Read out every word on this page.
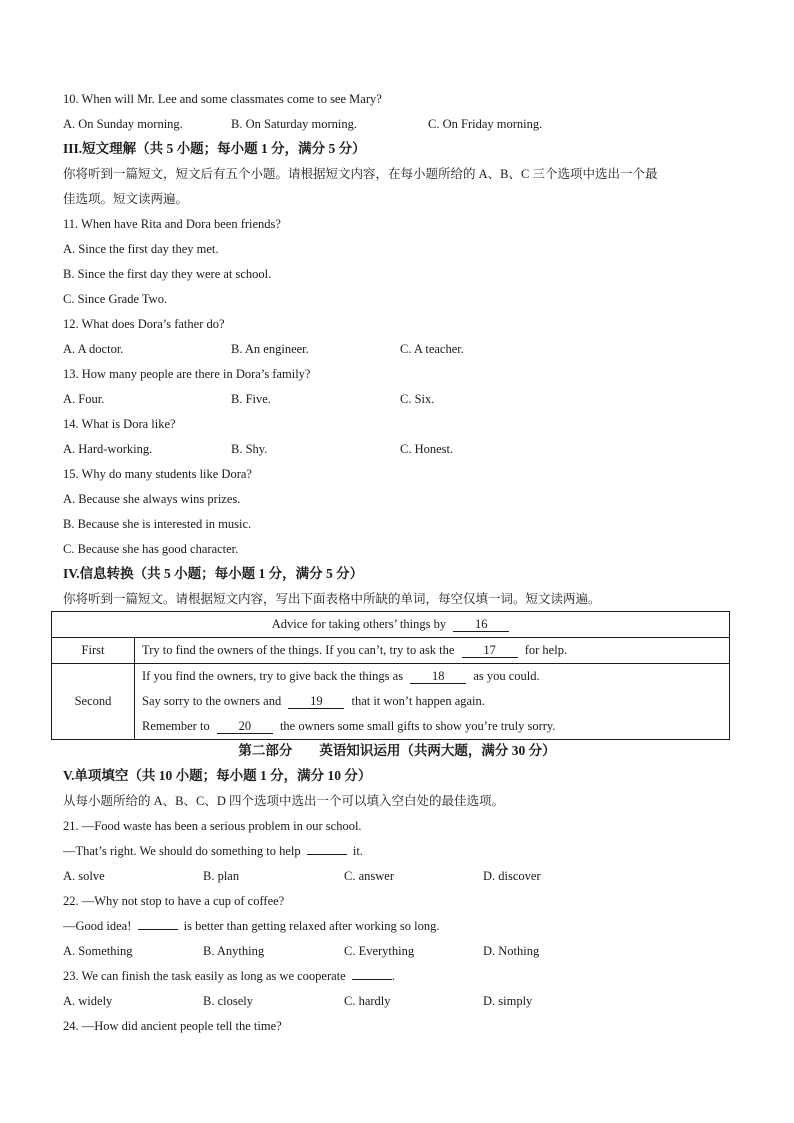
10. When will Mr. Lee and some classmates come to see Mary?
A. On Sunday morning.	B. On Saturday morning.	C. On Friday morning.
III.短文理解（共 5 小题；每小题 1 分，满分 5 分）
你将听到一篇短文，短文后有五个小题。请根据短文内容，在每小题所给的 A、B、C 三个选项中选出一个最
佳选项。短文读两遍。
11. When have Rita and Dora been friends?
A. Since the first day they met.
B. Since the first day they were at school.
C. Since Grade Two.
12. What does Dora’s father do?
A. A doctor.	B. An engineer.	C. A teacher.
13. How many people are there in Dora’s family?
A. Four.	B. Five.	C. Six.
14. What is Dora like?
A. Hard-working.	B. Shy.	C. Honest.
15. Why do many students like Dora?
A. Because she always wins prizes.
B. Because she is interested in music.
C. Because she has good character.
IV.信息转换（共 5 小题；每小题 1 分，满分 5 分）
你将听到一篇短文。请根据短文内容，写出下面表格中所缺的单词，每空仅填一词。短文读两遍。
Advice for taking others’ things by 16	
First	Try to find the owners of the things. If you can’t, try to ask the 17 for help.

Second	If you find the owners, try to give back the things as 18 as you could.
Say sorry to the owners and 19 that it won’t happen again.
Remember to 20 the owners some small gifts to show you’re truly sorry.
第二部分　　英语知识运用（共两大题，满分 30 分）
V.单项填空（共 10 小题；每小题 1 分，满分 10 分）
从每小题所给的 A、B、C、D 四个选项中选出一个可以填入空白处的最佳选项。
21. —Food waste has been a serious problem in our school.
—That’s right. We should do something to help	it.
A. solve	B. plan	C. answer	D. discover
22. —Why not stop to have a cup of coffee?
—Good idea!	is better than getting relaxed after working so long.
A. Something	B. Anything	C. Everything	D. Nothing
23. We can finish the task easily as long as we cooperate	.
A. widely	B. closely	C. hardly	D. simply
24. —How did ancient people tell the time?
